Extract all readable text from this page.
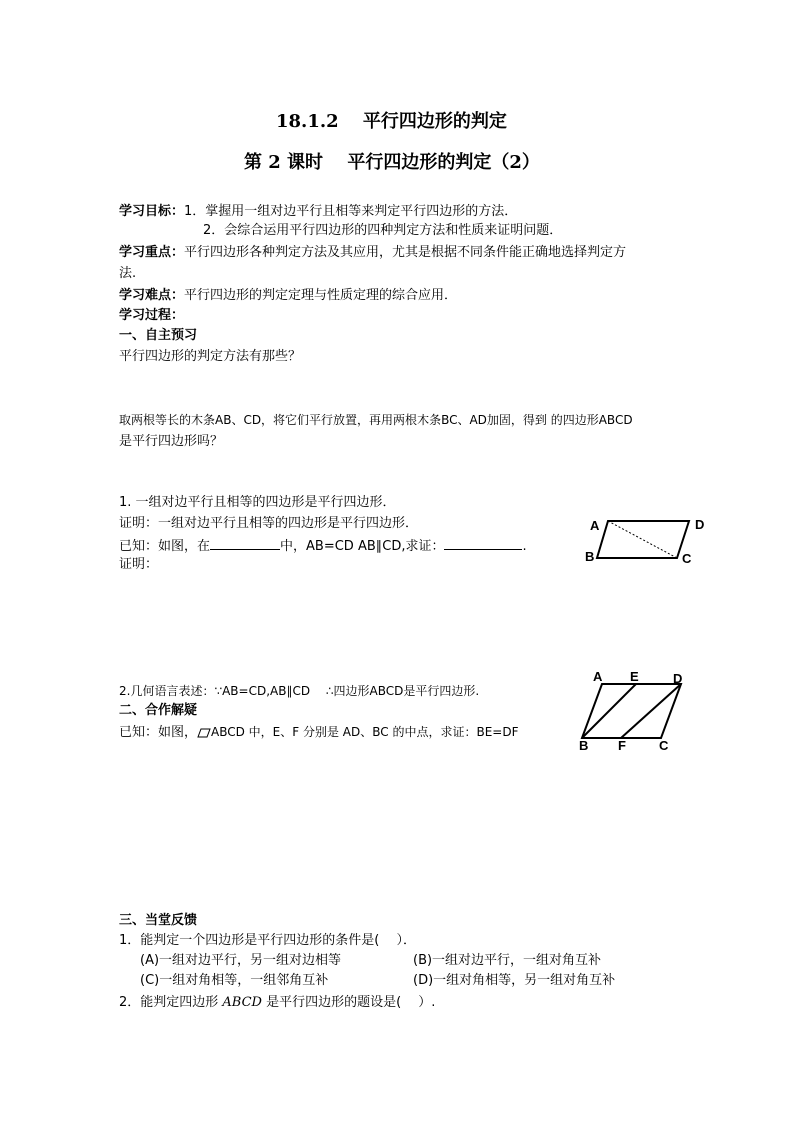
18.1.2　 平行四边形的判定
第 2 课时　 平行四边形的判定（2）
学习目标：1．掌握用一组对边平行且相等来判定平行四边形的方法．
2．会综合运用平行四边形的四种判定方法和性质来证明问题．
学习重点：平行四边形各种判定方法及其应用，尤其是根据不同条件能正确地选择判定方
法.
学习难点：平行四边形的判定定理与性质定理的综合应用．
学习过程：
一、自主预习
平行四边形的判定方法有那些？
取两根等长的木条AB、CD，将它们平行放置，再用两根木条BC、AD加固，得到 的四边形ABCD
是平行四边形吗？
1. 一组对边平行且相等的四边形是平行四边形．
证明：一组对边平行且相等的四边形是平行四边形．
已知：如图，在	中，AB=CD AB∥CD,求证：	.
证明：
A	D
B	C
2.几何语言表述：∵AB=CD,AB∥CD　 ∴四边形ABCD是平行四边形.
二、合作解疑
已知：如图， ABCD 中，E、F 分别是 AD、BC 的中点，求证：BE=DF
A E	D
B F	C
三、当堂反馈
1．能判定一个四边形是平行四边形的条件是(　 ）．
(A)一组对边平行，另一组对边相等	(B)一组对边平行，一组对角互补
(C)一组对角相等，一组邻角互补	(D)一组对角相等，另一组对角互补
2．能判定四边形 ABCD 是平行四边形的题设是(　 ）.
